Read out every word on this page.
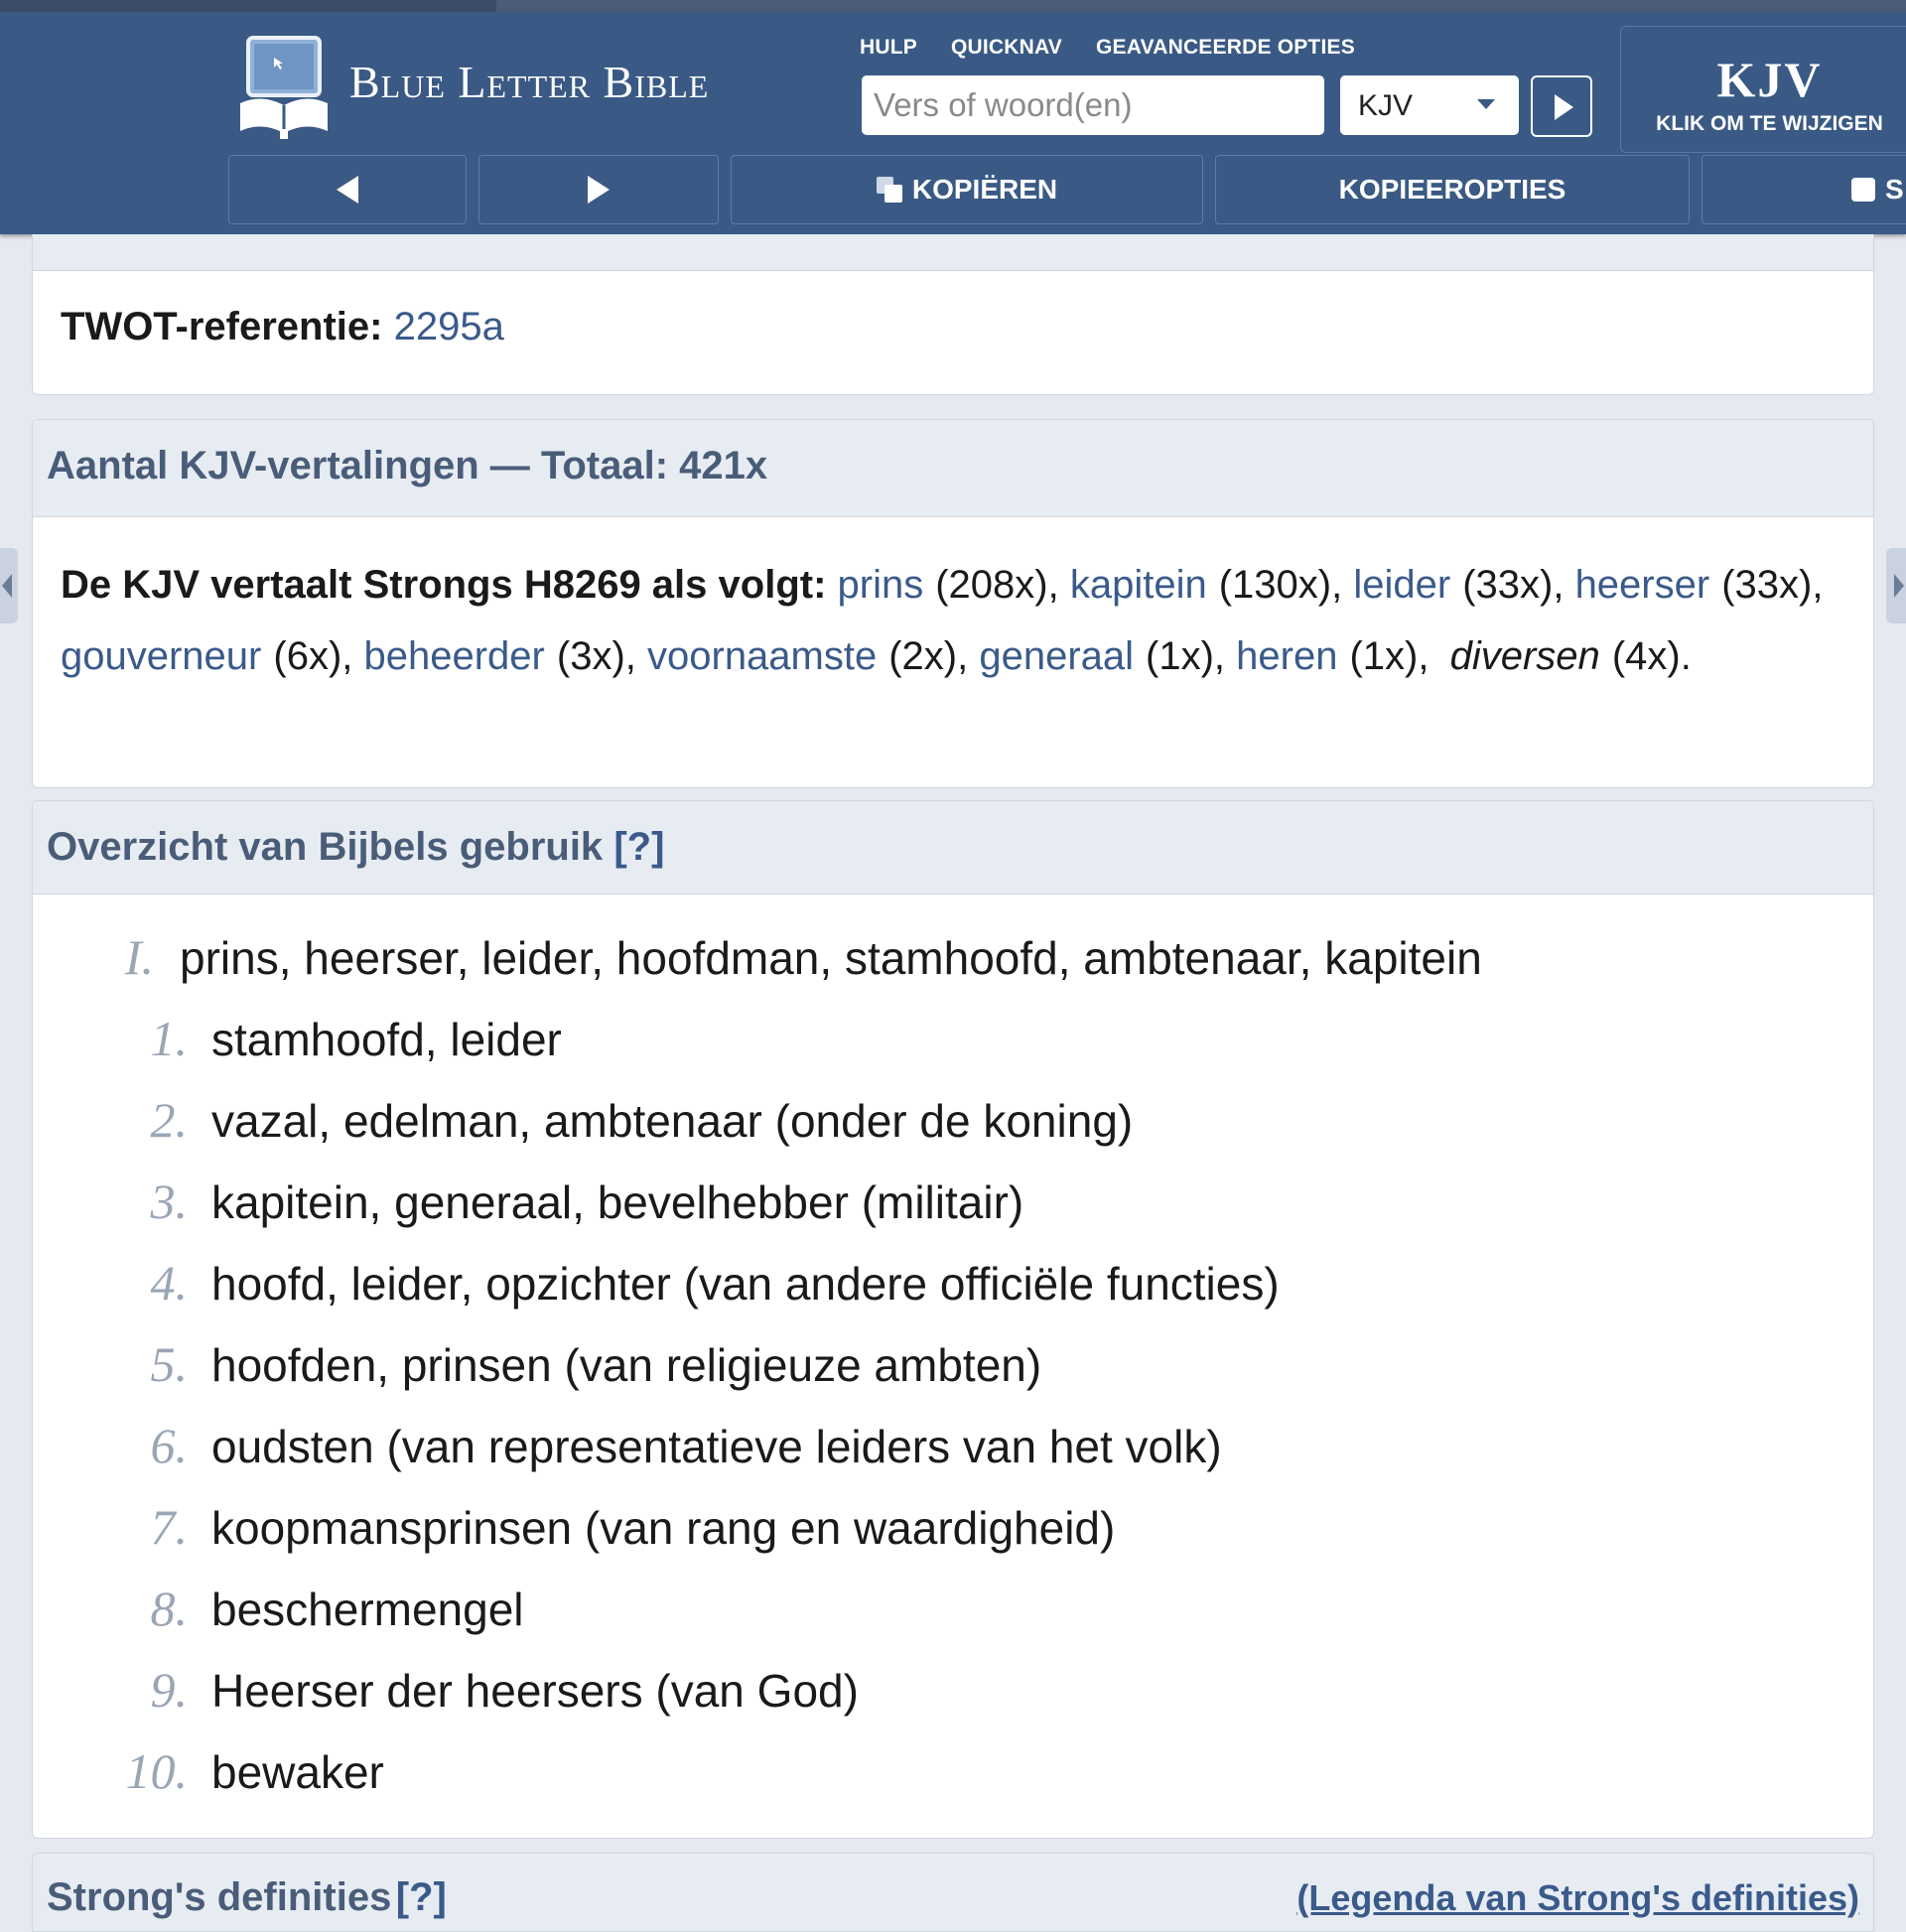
Blue Letter Bible
HULP QUICKNAV GEAVANCEERDE OPTIES
Vers of woord(en)
KJV	KJV
KLIK OM TE WIJZIGEN
KOPIËREN	KOPIEEROPTIES	S
TWOT-referentie: 2295a
Aantal KJV-vertalingen — Totaal: 421x
De KJV vertaalt Strongs H8269 als volgt: prins (208x), kapitein (130x), leider (33x), heerser (33x), gouverneur (6x), beheerder (3x), voornaamste (2x), generaal (1x), heren (1x), diversen (4x).
Overzicht van Bijbels gebruik [?]
I. prins, heerser, leider, hoofdman, stamhoofd, ambtenaar, kapitein
1. stamhoofd, leider
2. vazal, edelman, ambtenaar (onder de koning)
3. kapitein, generaal, bevelhebber (militair)
4. hoofd, leider, opzichter (van andere officiële functies)
5. hoofden, prinsen (van religieuze ambten)
6. oudsten (van representatieve leiders van het volk)
7. koopmansprinsen (van rang en waardigheid)
8. beschermengel
9. Heerser der heersers (van God)
10. bewaker
Strong's definities [?]	(Legenda van Strong's definities)
